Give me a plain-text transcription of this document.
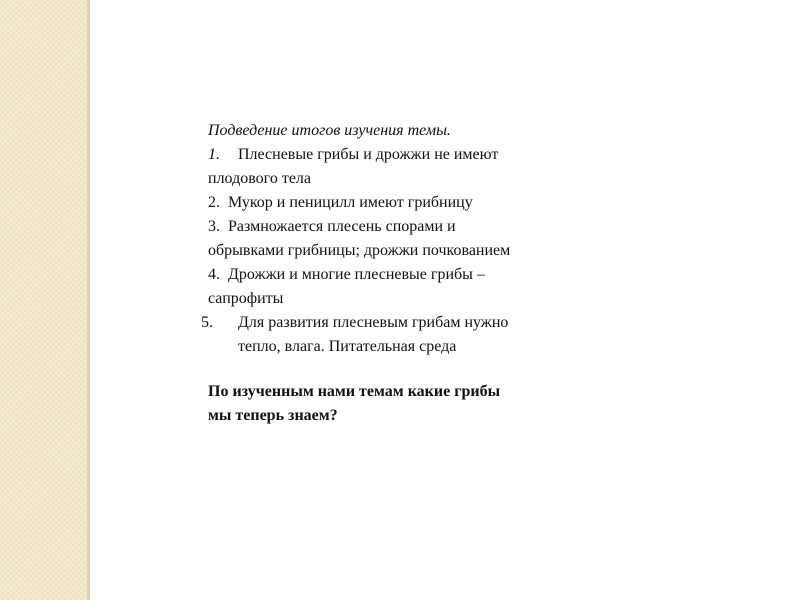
Подведение итогов изучения темы.
1. Плесневые грибы и дрожжи не имеют
плодового тела
2. Мукор и пеницилл имеют грибницу
3. Размножается плесень спорами и
обрывками грибницы; дрожжи почкованием
4. Дрожжи и многие плесневые грибы –
сапрофиты
5. Для развития плесневым грибам нужно
тепло, влага. Питательная среда
По изученным нами темам какие грибы
мы теперь знаем?
